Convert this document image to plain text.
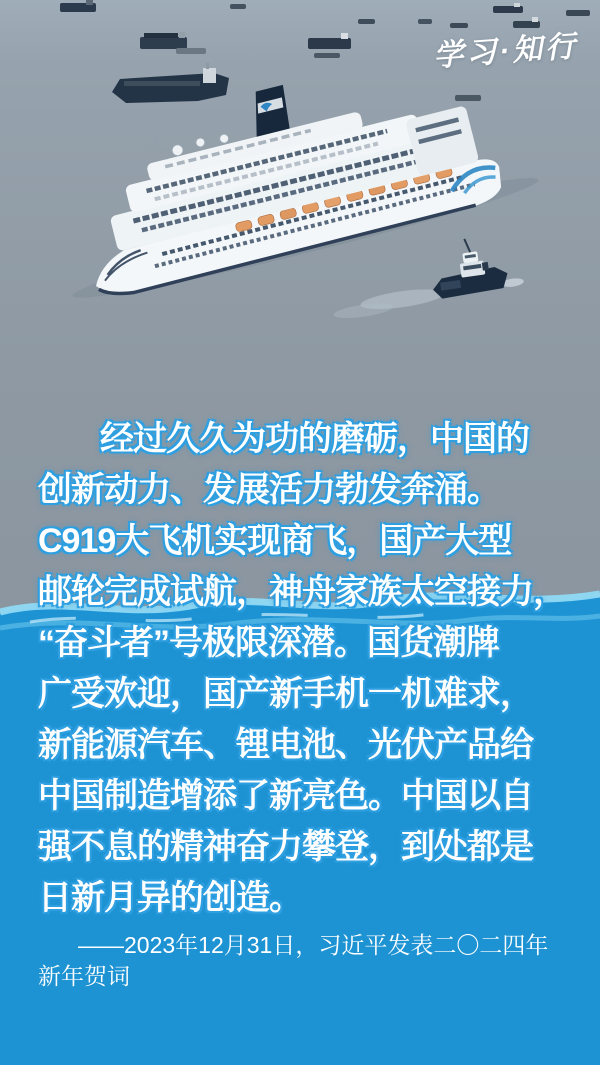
学习·知行
经过久久为功的磨砺，中国的
创新动力、发展活力勃发奔涌。
C919大飞机实现商飞，国产大型
邮轮完成试航，神舟家族太空接力，
“奋斗者”号极限深潜。国货潮牌
广受欢迎，国产新手机一机难求，
新能源汽车、锂电池、光伏产品给
中国制造增添了新亮色。中国以自
强不息的精神奋力攀登，到处都是
日新月异的创造。
——2023年12月31日，习近平发表二〇二四年
新年贺词
